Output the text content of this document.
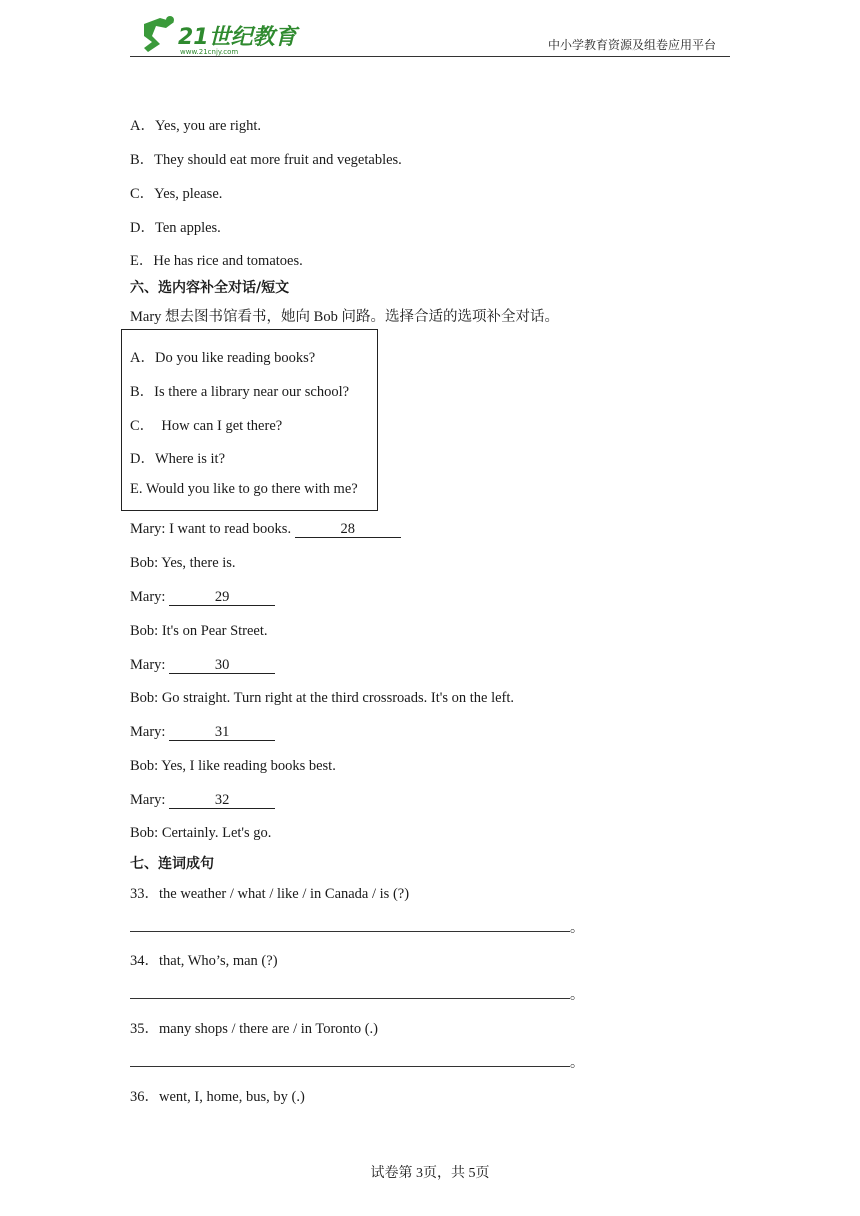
21世纪教育
www.21cnjy.com	中小学教育资源及组卷应用平台
A．Yes, you are right.
B．They should eat more fruit and vegetables.
C．Yes, please.
D．Ten apples.
E．He has rice and tomatoes.
六、选内容补全对话/短文
Mary 想去图书馆看书，她向 Bob 问路。选择合适的选项补全对话。
A．Do you like reading books?
B．Is there a library near our school?
C．  How can I get there?
D．Where is it?
E. Would you like to go there with me?
Mary: I want to read books.	28
Bob: Yes, there is.
Mary:	29
Bob: It's on Pear Street.
Mary:	30
Bob: Go straight. Turn right at the third crossroads. It's on the left.
Mary:	31
Bob: Yes, I like reading books best.
Mary:	32
Bob: Certainly. Let's go.
七、连词成句
33．the weather / what / like / in Canada / is (?)
。
34．that, Who’s, man (?)
。
35．many shops / there are / in Toronto (.)
。
36．went, I, home, bus, by (.)
试卷第 3页，共 5页
